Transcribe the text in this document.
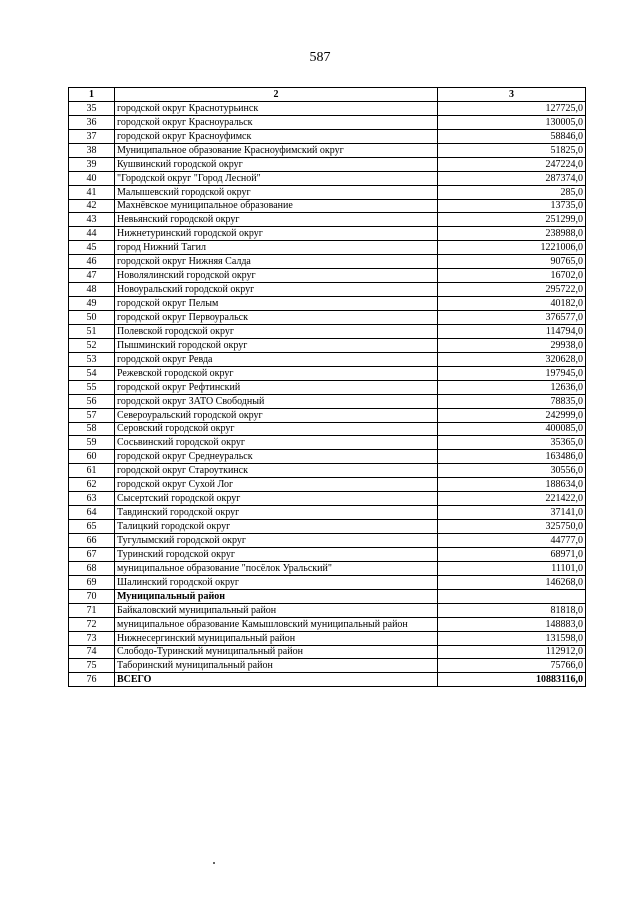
587
1	2	3
35	городской округ Краснотурьинск	127725,0
36	городской округ Красноуральск	130005,0
37	городской округ Красноуфимск	58846,0
38	Муниципальное образование Красноуфимский округ	51825,0
39	Кушвинский городской округ	247224,0
40	"Городской округ "Город Лесной"	287374,0
41	Малышевский городской округ	285,0
42	Махнёвское муниципальное образование	13735,0
43	Невьянский городской округ	251299,0
44	Нижнетуринский городской округ	238988,0
45	город Нижний Тагил	1221006,0
46	городской округ Нижняя Салда	90765,0
47	Новолялинский городской округ	16702,0
48	Новоуральский городской округ	295722,0
49	городской округ Пелым	40182,0
50	городской округ Первоуральск	376577,0
51	Полевской городской округ	114794,0
52	Пышминский городской округ	29938,0
53	городской округ Ревда	320628,0
54	Режевской городской округ	197945,0
55	городской округ Рефтинский	12636,0
56	городской округ ЗАТО Свободный	78835,0
57	Североуральский городской округ	242999,0
58	Серовский городской округ	400085,0
59	Сосьвинский городской округ	35365,0
60	городской округ Среднеуральск	163486,0
61	городской округ Староуткинск	30556,0
62	городской округ Сухой Лог	188634,0
63	Сысертский городской округ	221422,0
64	Тавдинский городской округ	37141,0
65	Талицкий городской округ	325750,0
66	Тугулымский городской округ	44777,0
67	Туринский городской округ	68971,0
68	муниципальное образование "посёлок Уральский"	11101,0
69	Шалинский городской округ	146268,0
70	Муниципальный район	
71	Байкаловский муниципальный район	81818,0
72	муниципальное образование Камышловский муниципальный район	148883,0
73	Нижнесергинский муниципальный район	131598,0
74	Слободо-Туринский муниципальный район	112912,0
75	Таборинский муниципальный район	75766,0
76	ВСЕГО	10883116,0
